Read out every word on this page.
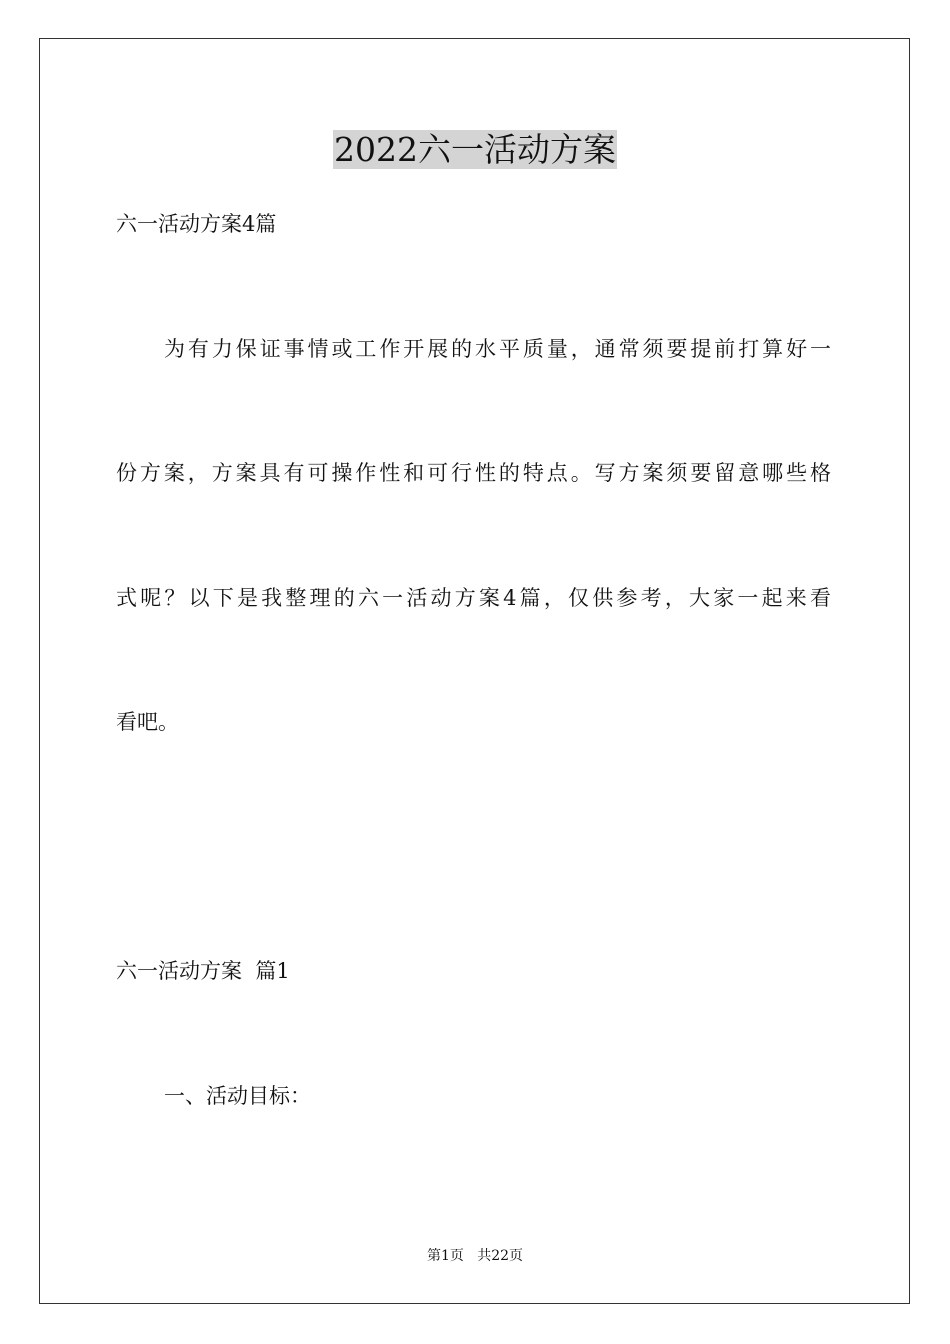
2022六一活动方案
六一活动方案4篇
为有力保证事情或工作开展的水平质量，通常须要提前打算好一
份方案，方案具有可操作性和可行性的特点。写方案须要留意哪些格
式呢？以下是我整理的六一活动方案4篇，仅供参考，大家一起来看
看吧。
六一活动方案  篇1
一、活动目标：
第1页   共22页
